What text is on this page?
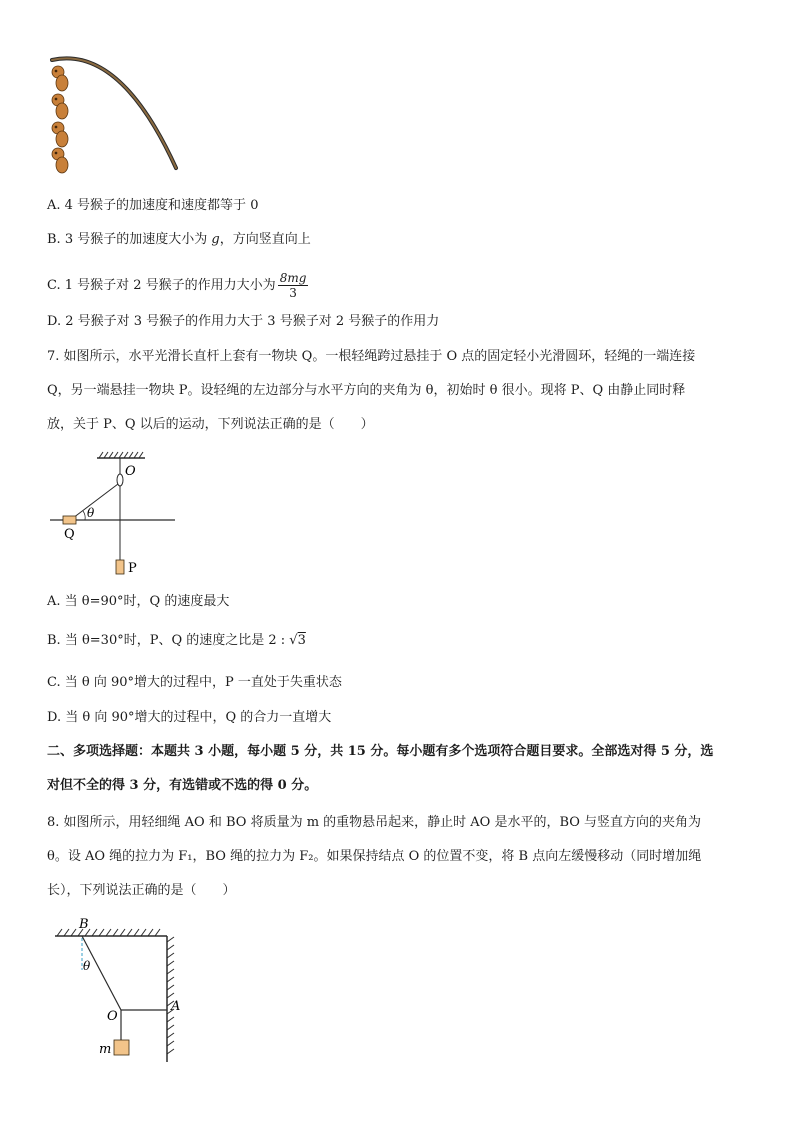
A. 4 号猴子的加速度和速度都等于 0
B. 3 号猴子的加速度大小为 g，方向竖直向上
C. 1 号猴子对 2 号猴子的作用力大小为 $\frac{8mg}{3}$
D. 2 号猴子对 3 号猴子的作用力大于 3 号猴子对 2 号猴子的作用力
7. 如图所示，水平光滑长直杆上套有一物块 Q。一根轻绳跨过悬挂于 O 点的固定轻小光滑圆环，轻绳的一端连接
Q，另一端悬挂一物块 P。设轻绳的左边部分与水平方向的夹角为 θ，初始时 θ 很小。现将 P、Q 由静止同时释
放，关于 P、Q 以后的运动，下列说法正确的是（　　）
O
θ
Q
P
A. 当 θ=90°时，Q 的速度最大
B. 当 θ=30°时，P、Q 的速度之比是 2 : √3
C. 当 θ 向 90°增大的过程中，P 一直处于失重状态
D. 当 θ 向 90°增大的过程中，Q 的合力一直增大
二、多项选择题：本题共 3 小题，每小题 5 分，共 15 分。每小题有多个选项符合题目要求。全部选对得 5 分，选
对但不全的得 3 分，有选错或不选的得 0 分。
8. 如图所示，用轻细绳 AO 和 BO 将质量为 m 的重物悬吊起来，静止时 AO 是水平的，BO 与竖直方向的夹角为
θ。设 AO 绳的拉力为 F₁，BO 绳的拉力为 F₂。如果保持结点 O 的位置不变，将 B 点向左缓慢移动（同时增加绳
长），下列说法正确的是（　　）
B
θ
A
O
m
